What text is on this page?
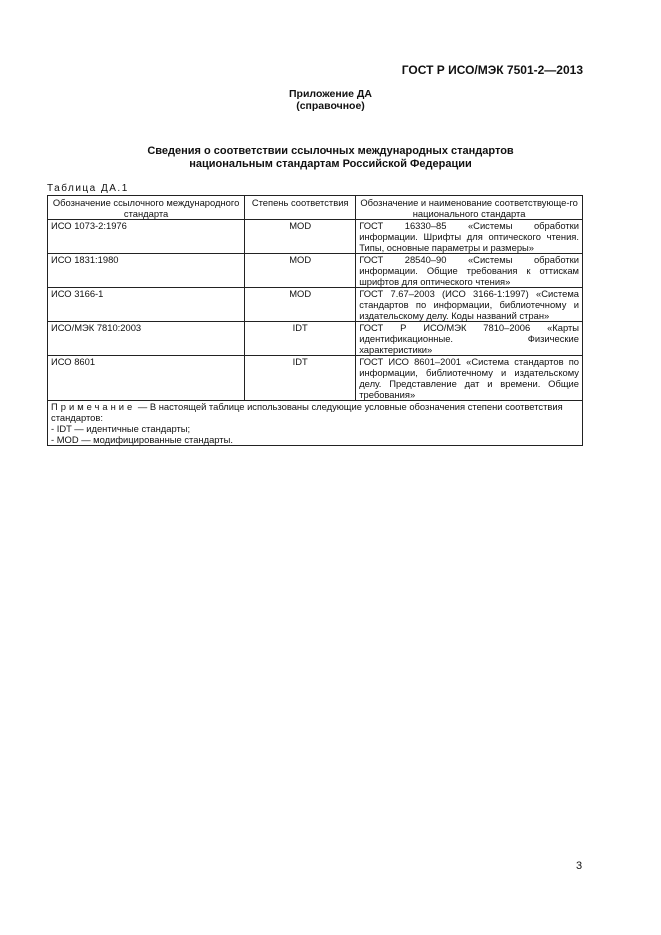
ГОСТ Р ИСО/МЭК 7501-2—2013
Приложение ДА
(справочное)
Сведения о соответствии ссылочных международных стандартов
национальным стандартам Российской Федерации
Таблица ДА.1
Обозначение ссылочного международного стандарта	Степень соответствия	Обозначение и наименование соответствующе-го национального стандарта
ИСО 1073-2:1976	MOD	ГОСТ 16330–85 «Системы обработки информации. Шрифты для оптического чтения. Типы, основные параметры и размеры»
ИСО 1831:1980	MOD	ГОСТ 28540–90 «Системы обработки информации. Общие требования к оттискам шрифтов для оптического чтения»
ИСО 3166-1	MOD	ГОСТ 7.67–2003 (ИСО 3166-1:1997) «Система стандартов по информации, библиотечному и издательскому делу. Коды названий стран»
ИСО/МЭК 7810:2003	IDT	ГОСТ Р ИСО/МЭК 7810–2006 «Карты идентификационные. Физические характеристики»
ИСО 8601	IDT	ГОСТ ИСО 8601–2001 «Система стандартов по информации, библиотечному и издательскому делу. Представление дат и времени. Общие требования»
Примечание — В настоящей таблице использованы следующие условные обозначения степени соответствия стандартов:
- IDT — идентичные стандарты;
- MOD — модифицированные стандарты.		
3
